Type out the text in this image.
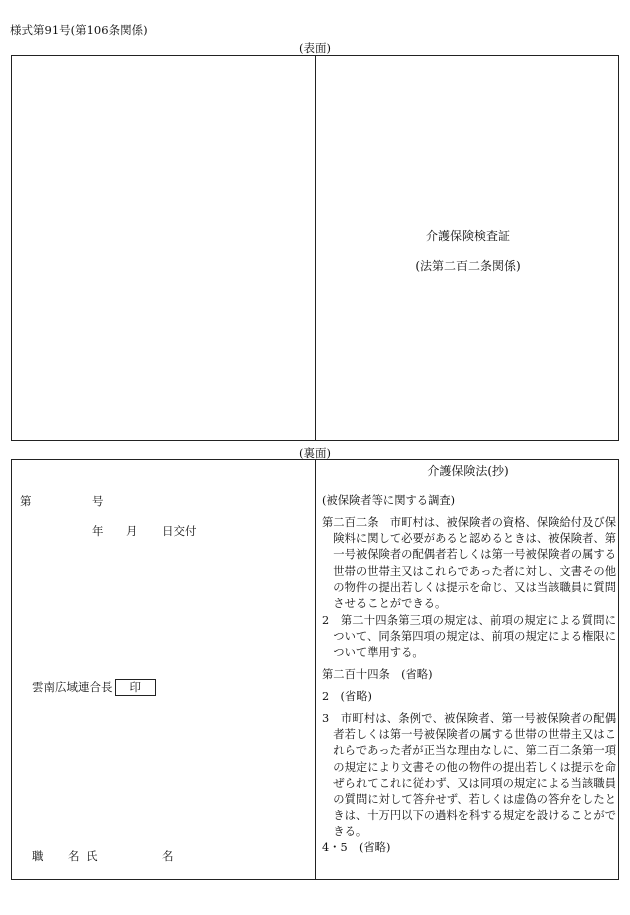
様式第91号(第106条関係)
(表面)
介護保険検査証
(法第二百二条関係)
(裏面)
第	号
年 月 日交付
雲南広域連合長 印
職 名 氏	名
介護保険法(抄)
(被保険者等に関する調査)
第二百二条　市町村は、被保険者の資格、保険給付及び保険料に関して必要があると認めるときは、被保険者、第一号被保険者の配偶者若しくは第一号被保険者の属する世帯の世帯主又はこれらであった者に対し、文書その他の物件の提出若しくは提示を命じ、又は当該職員に質問させることができる。
2　第二十四条第三項の規定は、前項の規定による質問について、同条第四項の規定は、前項の規定による権限について準用する。
第二百十四条　(省略)
2　(省略)
3　市町村は、条例で、被保険者、第一号被保険者の配偶者若しくは第一号被保険者の属する世帯の世帯主又はこれらであった者が正当な理由なしに、第二百二条第一項の規定により文書その他の物件の提出若しくは提示を命ぜられてこれに従わず、又は同項の規定による当該職員の質問に対して答弁せず、若しくは虚偽の答弁をしたときは、十万円以下の過料を科する規定を設けることができる。
4・5　(省略)
